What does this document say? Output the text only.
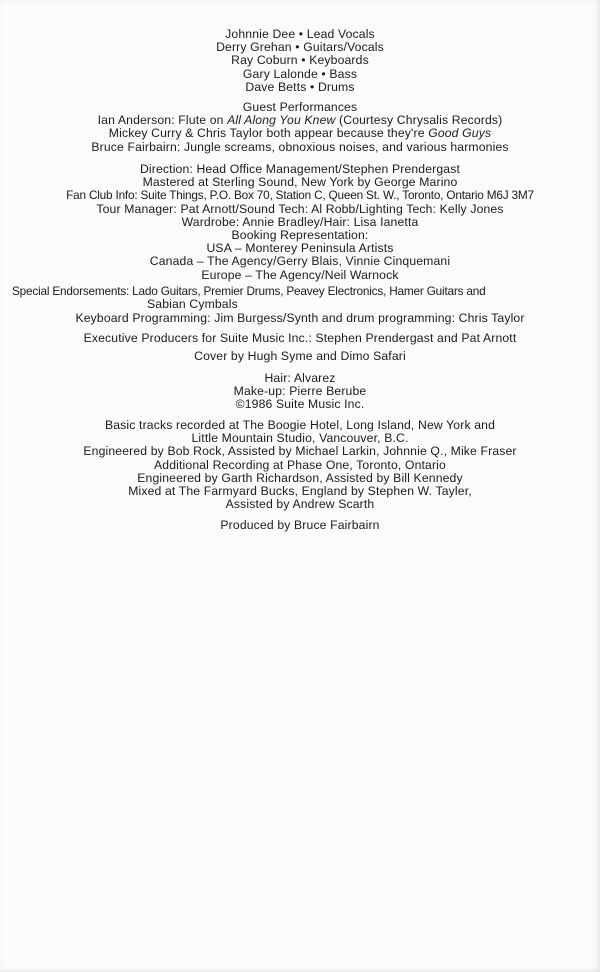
Johnnie Dee • Lead Vocals
Derry Grehan • Guitars/Vocals
Ray Coburn • Keyboards
Gary Lalonde • Bass
Dave Betts • Drums
Guest Performances
Ian Anderson: Flute on All Along You Knew (Courtesy Chrysalis Records)
Mickey Curry & Chris Taylor both appear because they're Good Guys
Bruce Fairbairn: Jungle screams, obnoxious noises, and various harmonies
Direction: Head Office Management/Stephen Prendergast
Mastered at Sterling Sound, New York by George Marino
Fan Club Info: Suite Things, P.O. Box 70, Station C, Queen St. W., Toronto, Ontario M6J 3M7
Tour Manager: Pat Arnott/Sound Tech: Al Robb/Lighting Tech: Kelly Jones
Wardrobe: Annie Bradley/Hair: Lisa Ianetta
Booking Representation:
USA – Monterey Peninsula Artists
Canada – The Agency/Gerry Blais, Vinnie Cinquemani
Europe – The Agency/Neil Warnock
Special Endorsements: Lado Guitars, Premier Drums, Peavey Electronics, Hamer Guitars and
Sabian Cymbals
Keyboard Programming: Jim Burgess/Synth and drum programming: Chris Taylor
Executive Producers for Suite Music Inc.: Stephen Prendergast and Pat Arnott
Cover by Hugh Syme and Dimo Safari
Hair: Alvarez
Make-up: Pierre Berube
©1986 Suite Music Inc.
Basic tracks recorded at The Boogie Hotel, Long Island, New York and
Little Mountain Studio, Vancouver, B.C.
Engineered by Bob Rock, Assisted by Michael Larkin, Johnnie Q., Mike Fraser
Additional Recording at Phase One, Toronto, Ontario
Engineered by Garth Richardson, Assisted by Bill Kennedy
Mixed at The Farmyard Bucks, England by Stephen W. Tayler,
Assisted by Andrew Scarth
Produced by Bruce Fairbairn
